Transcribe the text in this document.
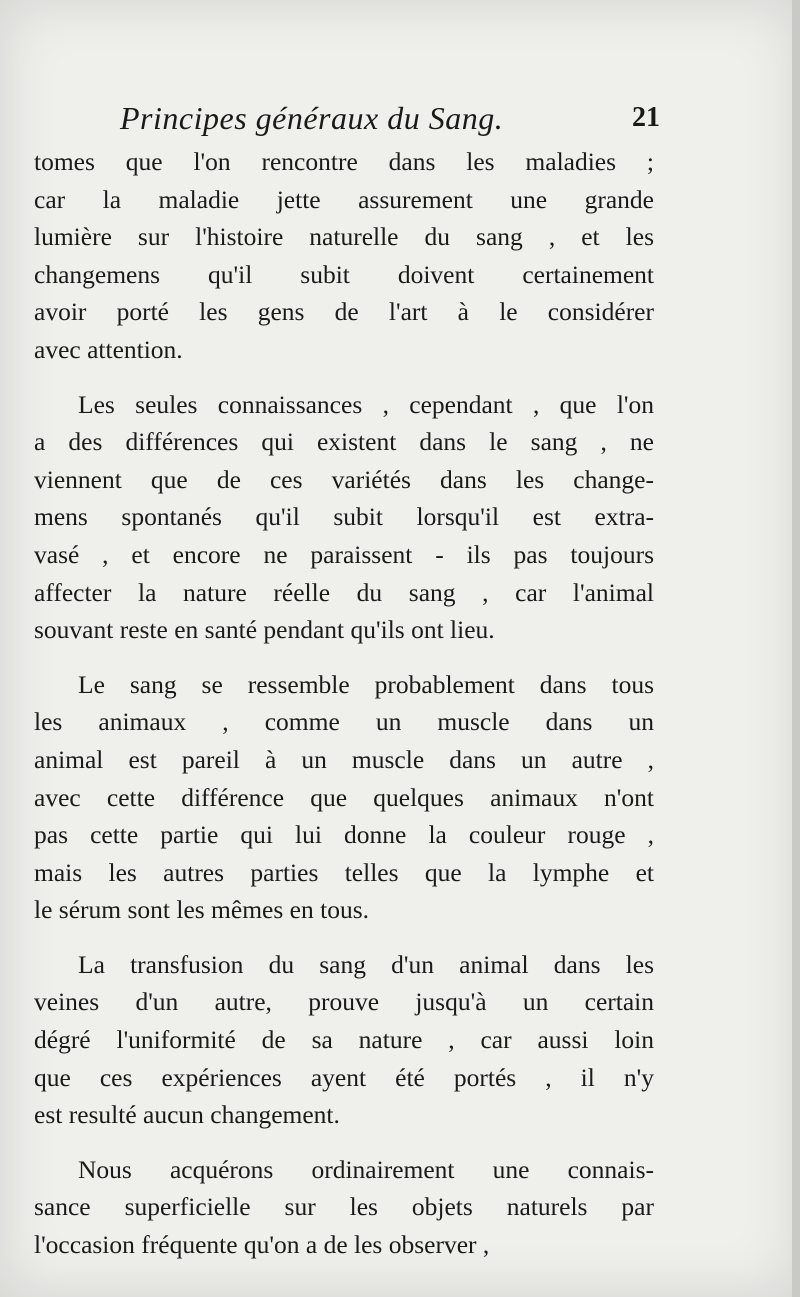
Principes généraux du Sang.	21
tomes que l'on rencontre dans les maladies ;
car la maladie jette assurement une grande
lumière sur l'histoire naturelle du sang , et les
changemens qu'il subit doivent certainement
avoir porté les gens de l'art à le considérer
avec attention.
Les seules connaissances , cependant , que l'on
a des différences qui existent dans le sang , ne
viennent que de ces variétés dans les change-
mens spontanés qu'il subit lorsqu'il est extra-
vasé , et encore ne paraissent - ils pas toujours
affecter la nature réelle du sang , car l'animal
souvant reste en santé pendant qu'ils ont lieu.
Le sang se ressemble probablement dans tous
les animaux , comme un muscle dans un
animal est pareil à un muscle dans un autre ,
avec cette différence que quelques animaux n'ont
pas cette partie qui lui donne la couleur rouge ,
mais les autres parties telles que la lymphe et
le sérum sont les mêmes en tous.
La transfusion du sang d'un animal dans les
veines d'un autre, prouve jusqu'à un certain
dégré l'uniformité de sa nature , car aussi loin
que ces expériences ayent été portés , il n'y
est resulté aucun changement.
Nous acquérons ordinairement une connais-
sance superficielle sur les objets naturels par
l'occasion fréquente qu'on a de les observer ,
